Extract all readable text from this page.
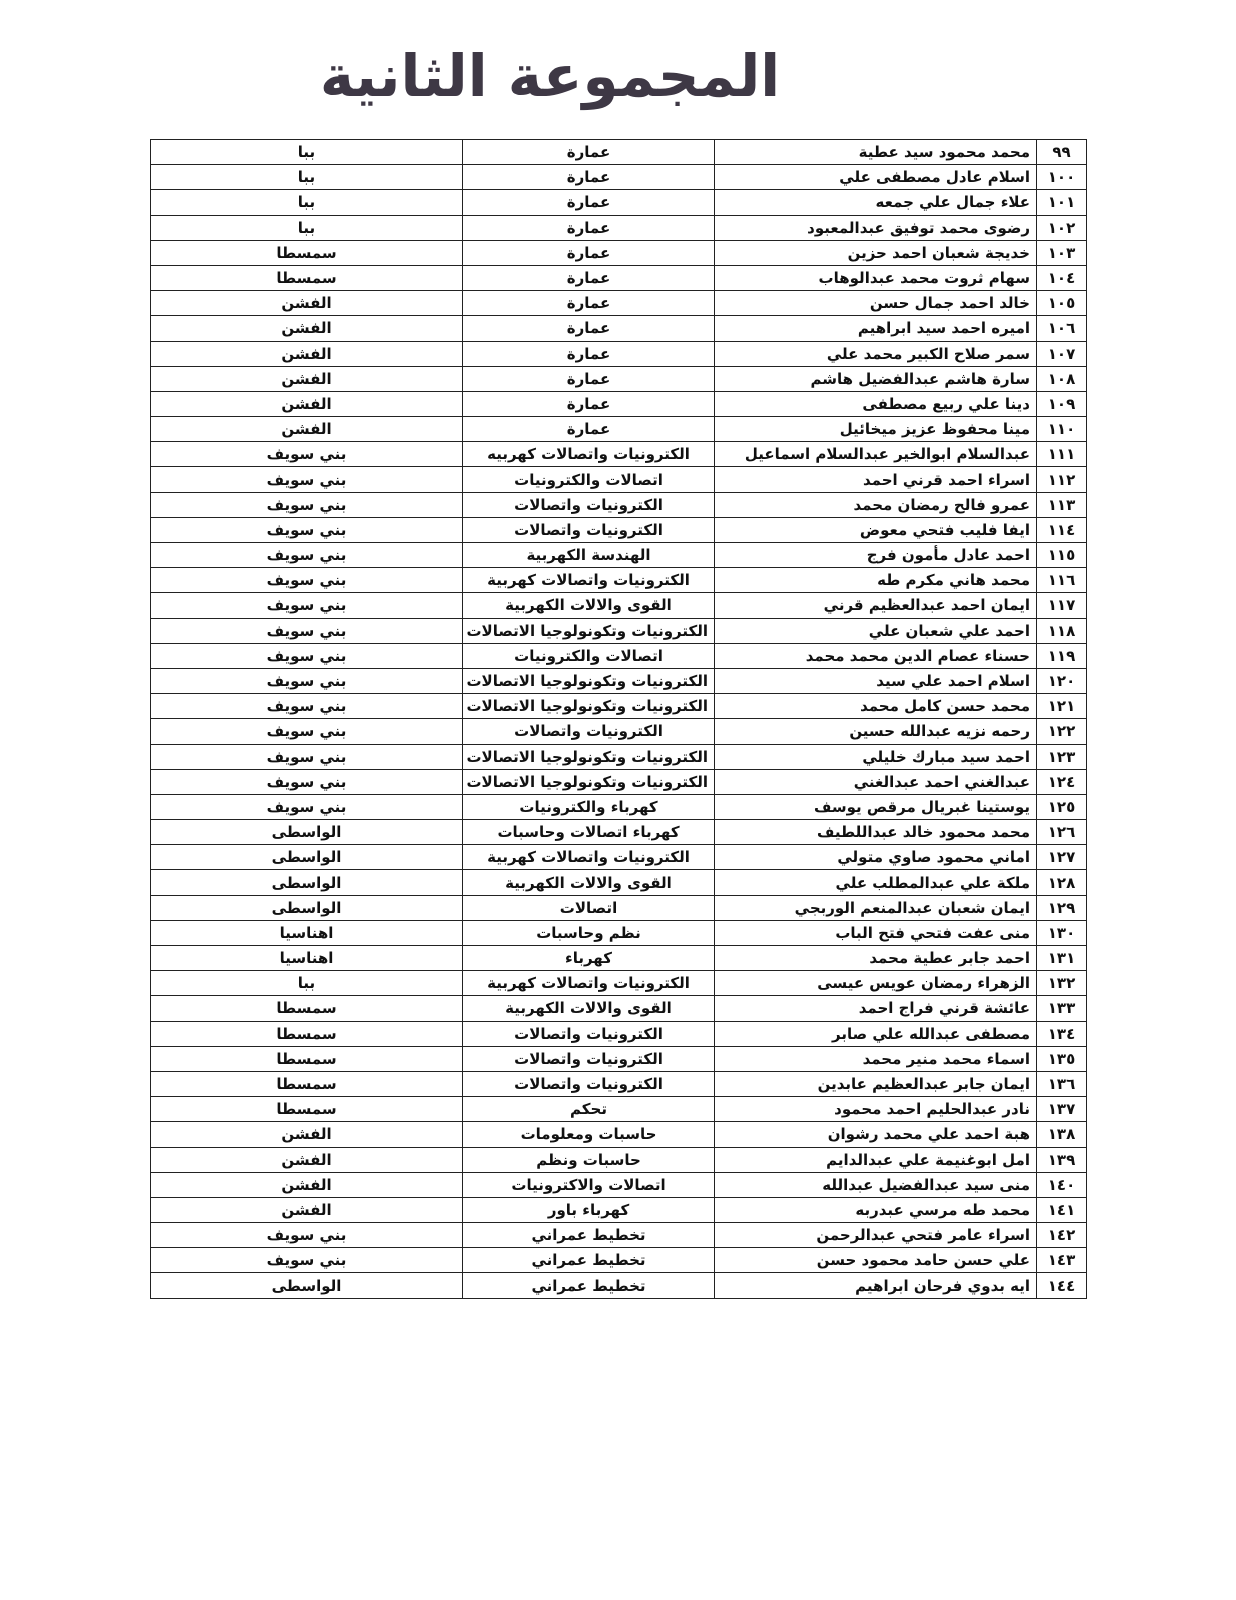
المجموعة الثانية
٩٩	محمد محمود سيد عطية	عمارة	ببا
١٠٠	اسلام عادل مصطفى علي	عمارة	ببا
١٠١	علاء جمال علي جمعه	عمارة	ببا
١٠٢	رضوى محمد توفيق عبدالمعبود	عمارة	ببا
١٠٣	خديجة شعبان احمد حزين	عمارة	سمسطا
١٠٤	سهام ثروت محمد عبدالوهاب	عمارة	سمسطا
١٠٥	خالد احمد جمال حسن	عمارة	الفشن
١٠٦	اميره احمد سيد ابراهيم	عمارة	الفشن
١٠٧	سمر صلاح الكبير محمد علي	عمارة	الفشن
١٠٨	سارة هاشم عبدالفضيل هاشم	عمارة	الفشن
١٠٩	دينا علي ربيع مصطفى	عمارة	الفشن
١١٠	مينا محفوظ عزيز ميخائيل	عمارة	الفشن
١١١	عبدالسلام ابوالخير عبدالسلام اسماعيل	الكترونيات واتصالات كهربيه	بني سويف
١١٢	اسراء احمد قرني احمد	اتصالات والكترونيات	بني سويف
١١٣	عمرو فالح رمضان محمد	الكترونيات واتصالات	بني سويف
١١٤	ايفا فليب فتحي معوض	الكترونيات واتصالات	بني سويف
١١٥	احمد عادل مأمون فرج	الهندسة الكهربية	بني سويف
١١٦	محمد هاني مكرم طه	الكترونيات واتصالات كهربية	بني سويف
١١٧	ايمان احمد عبدالعظيم قرني	القوى والالات الكهربية	بني سويف
١١٨	احمد علي شعبان علي	الكترونيات وتكونولوجيا الاتصالات	بني سويف
١١٩	حسناء عصام الدين محمد محمد	اتصالات والكترونيات	بني سويف
١٢٠	اسلام احمد علي سيد	الكترونيات وتكونولوجيا الاتصالات	بني سويف
١٢١	محمد حسن كامل محمد	الكترونيات وتكونولوجيا الاتصالات	بني سويف
١٢٢	رحمه نزيه عبدالله حسين	الكترونيات واتصالات	بني سويف
١٢٣	احمد سيد مبارك خليلي	الكترونيات وتكونولوجيا الاتصالات	بني سويف
١٢٤	عبدالغني احمد عبدالغني	الكترونيات وتكونولوجيا الاتصالات	بني سويف
١٢٥	يوستينا غبريال مرقص يوسف	كهرباء والكترونيات	بني سويف
١٢٦	محمد محمود خالد عبداللطيف	كهرباء اتصالات وحاسبات	الواسطى
١٢٧	اماني محمود صاوي متولي	الكترونيات واتصالات كهربية	الواسطى
١٢٨	ملكة علي عبدالمطلب علي	القوى والالات الكهربية	الواسطى
١٢٩	ايمان شعبان عبدالمنعم الوربجي	اتصالات	الواسطى
١٣٠	منى عفت فتحي فتح الباب	نظم وحاسبات	اهناسيا
١٣١	احمد جابر عطية محمد	كهرباء	اهناسيا
١٣٢	الزهراء رمضان عويس عيسى	الكترونيات واتصالات كهربية	ببا
١٣٣	عائشة قرني فراج احمد	القوى والالات الكهربية	سمسطا
١٣٤	مصطفى عبدالله علي صابر	الكترونيات واتصالات	سمسطا
١٣٥	اسماء محمد منير محمد	الكترونيات واتصالات	سمسطا
١٣٦	ايمان جابر عبدالعظيم عابدين	الكترونيات واتصالات	سمسطا
١٣٧	نادر عبدالحليم احمد محمود	تحكم	سمسطا
١٣٨	هبة احمد علي محمد رشوان	حاسبات ومعلومات	الفشن
١٣٩	امل ابوغنيمة علي عبدالدايم	حاسبات ونظم	الفشن
١٤٠	منى سيد عبدالفضيل عبدالله	اتصالات والاكترونيات	الفشن
١٤١	محمد طه مرسي عبدربه	كهرباء باور	الفشن
١٤٢	اسراء عامر فتحي عبدالرحمن	تخطيط عمراني	بني سويف
١٤٣	علي حسن حامد محمود حسن	تخطيط عمراني	بني سويف
١٤٤	ايه بدوي فرحان ابراهيم	تخطيط عمراني	الواسطى
